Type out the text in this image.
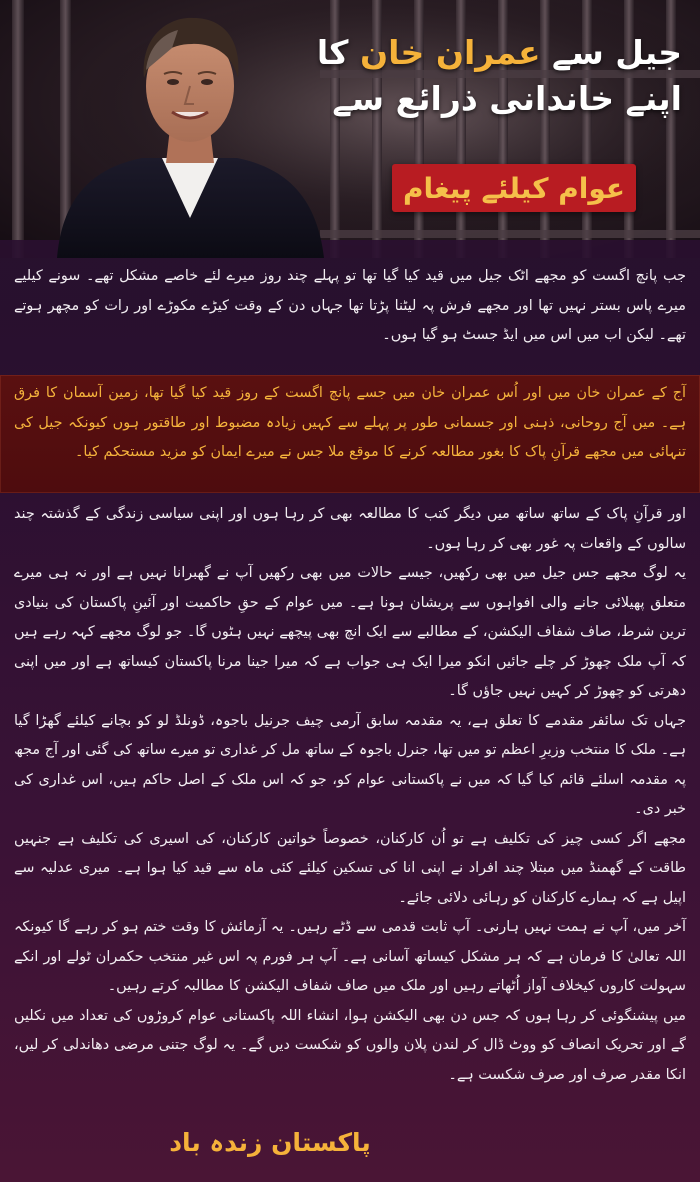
جیل سے عمران خان کا
اپنے خاندانی ذرائع سے
عوام کیلئے پیغام

جب پانچ اگست کو مجھے اٹک جیل میں قید کیا گیا تھا تو پہلے چند روز میرے لئے خاصے مشکل تھے۔ سونے کیلیے میرے پاس بستر نہیں تھا اور مجھے فرش پہ لیٹنا پڑتا تھا جہاں دن کے وقت کیڑے مکوڑے اور رات کو مچھر ہوتے تھے۔ لیکن اب میں اس میں ایڈ جسٹ ہو گیا ہوں۔

آج کے عمران خان میں اور اُس عمران خان میں جسے پانچ اگست کے روز قید کیا گیا تھا، زمین آسمان کا فرق ہے۔ میں آج روحانی، ذہنی اور جسمانی طور پر پہلے سے کہیں زیادہ مضبوط اور طاقتور ہوں کیونکہ جیل کی تنہائی میں مجھے قرآنِ پاک کا بغور مطالعہ کرنے کا موقع ملا جس نے میرے ایمان کو مزید مستحکم کیا۔

اور قرآنِ پاک کے ساتھ ساتھ میں دیگر کتب کا مطالعہ بھی کر رہا ہوں اور اپنی سیاسی زندگی کے گذشتہ چند سالوں کے واقعات پہ غور بھی کر رہا ہوں۔

یہ لوگ مجھے جس جیل میں بھی رکھیں، جیسے حالات میں بھی رکھیں آپ نے گھبرانا نہیں ہے اور نہ ہی میرے متعلق پھیلائی جانے والی افواہوں سے پریشان ہونا ہے۔ میں عوام کے حقِ حاکمیت اور آئینِ پاکستان کی بنیادی ترین شرط، صاف شفاف الیکشن، کے مطالبے سے ایک انچ بھی پیچھے نہیں ہٹوں گا۔ جو لوگ مجھے کہہ رہے ہیں کہ آپ ملک چھوڑ کر چلے جائیں انکو میرا ایک ہی جواب ہے کہ میرا جینا مرنا پاکستان کیساتھ ہے اور میں اپنی دھرتی کو چھوڑ کر کہیں نہیں جاؤں گا۔

جہاں تک سائفر مقدمے کا تعلق ہے، یہ مقدمہ سابق آرمی چیف جرنیل باجوہ، ڈونلڈ لو کو بچانے کیلئے گھڑا گیا ہے۔ ملک کا منتخب وزیرِ اعظم تو میں تھا، جنرل باجوہ کے ساتھ مل کر غداری تو میرے ساتھ کی گئی اور آج مجھ پہ مقدمہ اسلئے قائم کیا گیا کہ میں نے پاکستانی عوام کو، جو کہ اس ملک کے اصل حاکم ہیں، اس غداری کی خبر دی۔

مجھے اگر کسی چیز کی تکلیف ہے تو اُن کارکنان، خصوصاً خواتین کارکنان، کی اسیری کی تکلیف ہے جنہیں طاقت کے گھمنڈ میں مبتلا چند افراد نے اپنی انا کی تسکین کیلئے کئی ماہ سے قید کیا ہوا ہے۔ میری عدلیہ سے اپیل ہے کہ ہمارے کارکنان کو رہائی دلائی جائے۔

آخر میں، آپ نے ہمت نہیں ہارنی۔ آپ ثابت قدمی سے ڈٹے رہیں۔ یہ آزمائش کا وقت ختم ہو کر رہے گا کیونکہ اللہ تعالیٰ کا فرمان ہے کہ ہر مشکل کیساتھ آسانی ہے۔ آپ ہر فورم پہ اس غیر منتخب حکمران ٹولے اور انکے سہولت کاروں کیخلاف آواز اُٹھاتے رہیں اور ملک میں صاف شفاف الیکشن کا مطالبہ کرتے رہیں۔

میں پیشنگوئی کر رہا ہوں کہ جس دن بھی الیکشن ہوا، انشاء اللہ پاکستانی عوام کروڑوں کی تعداد میں نکلیں گے اور تحریک انصاف کو ووٹ ڈال کر لندن پلان والوں کو شکست دیں گے۔ یہ لوگ جتنی مرضی دھاندلی کر لیں، انکا مقدر صرف اور صرف شکست ہے۔

پاکستان زندہ باد
